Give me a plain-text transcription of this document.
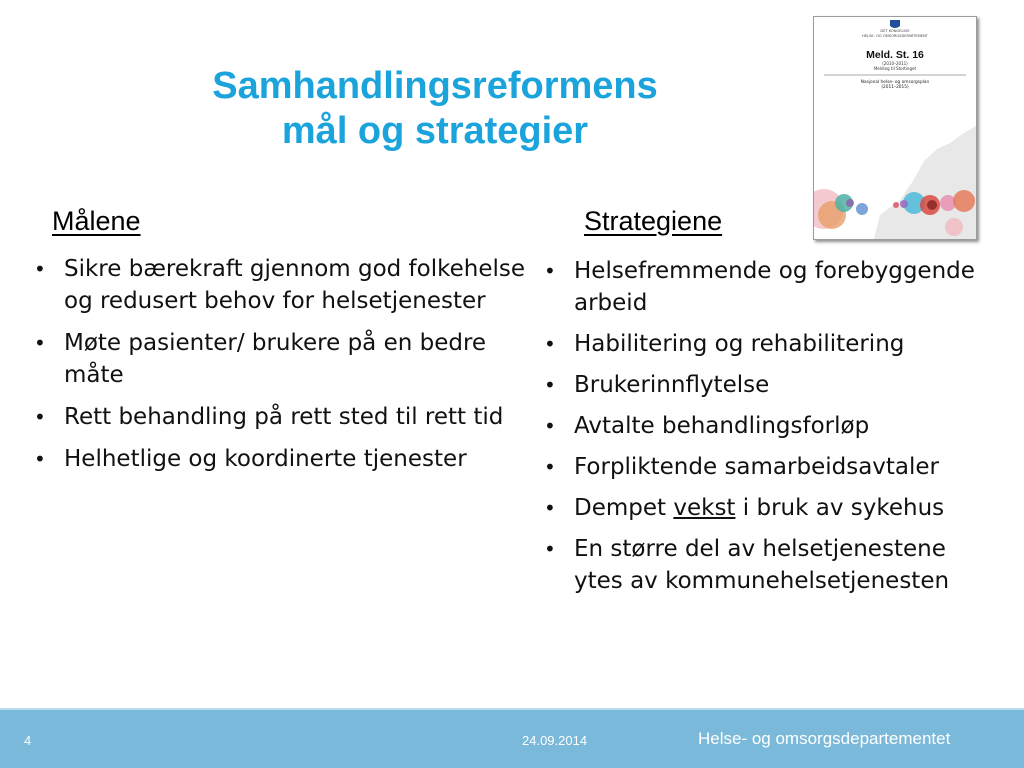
Samhandlingsreformens
mål og strategier
DET KONGELIGE
HELSE- OG OMSORGSDEPARTEMENT
Meld. St. 16
(2010–2011)
Melding til Stortinget
Nasjonal helse- og omsorgsplan
(2011–2015)
Målene	Strategiene
• Sikre bærekraft gjennom god folkehelse og redusert behov for helsetjenester
• Møte pasienter/ brukere på en bedre måte
• Rett behandling på rett sted til rett tid
• Helhetlige og koordinerte tjenester
• Helsefremmende og forebyggende arbeid
• Habilitering og rehabilitering
• Brukerinnflytelse
• Avtalte behandlingsforløp
• Forpliktende samarbeidsavtaler
• Dempet vekst i bruk av sykehus
• En større del av helsetjenestene ytes av kommunehelsetjenesten
4	24.09.2014	Helse- og omsorgsdepartementet
